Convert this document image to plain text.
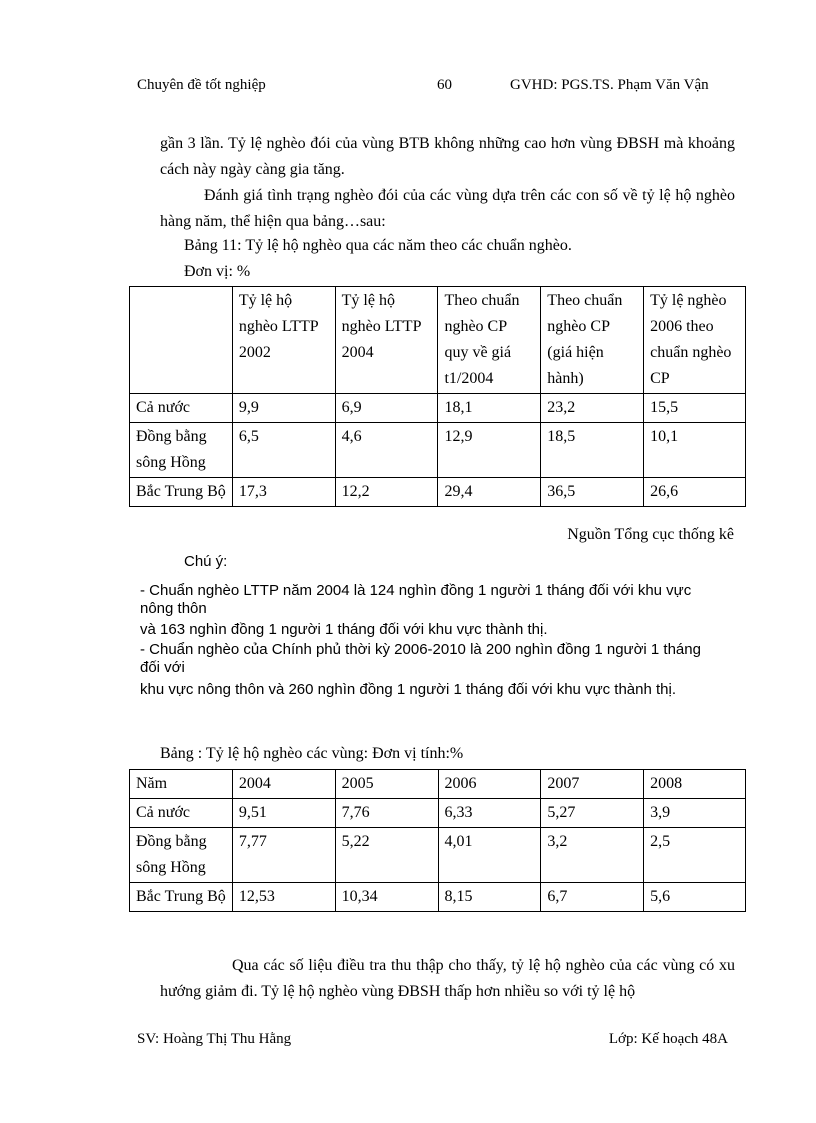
Chuyên đề tốt nghiệp	60	GVHD: PGS.TS. Phạm Văn Vận
gần 3 lần. Tỷ lệ nghèo đói của vùng BTB không những cao hơn vùng ĐBSH mà khoảng cách này ngày càng gia tăng.
Đánh giá tình trạng nghèo đói của các vùng dựa trên các con số về tỷ lệ hộ nghèo hàng năm, thể hiện qua bảng…sau:
Bảng 11: Tỷ lệ hộ nghèo qua các năm theo các chuẩn nghèo.
Đơn vị: %
	Tỷ lệ hộ nghèo LTTP 2002	Tỷ lệ hộ nghèo LTTP 2004	Theo chuẩn nghèo CP quy về giá t1/2004	Theo chuẩn nghèo CP (giá hiện hành)	Tỷ lệ nghèo 2006 theo chuẩn nghèo CP
Cả nước	9,9	6,9	18,1	23,2	15,5
Đồng bằng sông Hồng	6,5	4,6	12,9	18,5	10,1
Bắc Trung Bộ	17,3	12,2	29,4	36,5	26,6
Nguồn Tổng cục thống kê
Chú ý:
- Chuẩn nghèo LTTP năm 2004 là 124 nghìn đồng 1 người 1 tháng đối với khu vực nông thôn
và 163 nghìn đồng 1 người 1 tháng đối với khu vực thành thị.
- Chuẩn nghèo của Chính phủ thời kỳ 2006-2010 là 200 nghìn đồng 1 người 1 tháng đối với
khu vực nông thôn và 260 nghìn đồng 1 người 1 tháng đối với khu vực thành thị.
Bảng : Tỷ lệ hộ nghèo các vùng: Đơn vị tính:%
Năm	2004	2005	2006	2007	2008
Cả nước	9,51	7,76	6,33	5,27	3,9
Đồng bằng sông Hồng	7,77	5,22	4,01	3,2	2,5
Bắc Trung Bộ	12,53	10,34	8,15	6,7	5,6
Qua các số liệu điều tra thu thập cho thấy, tỷ lệ hộ nghèo của các vùng có xu hướng giảm đi. Tỷ lệ hộ nghèo vùng ĐBSH thấp hơn nhiều so với tỷ lệ hộ
SV: Hoàng Thị Thu Hằng	Lớp: Kế hoạch 48A
